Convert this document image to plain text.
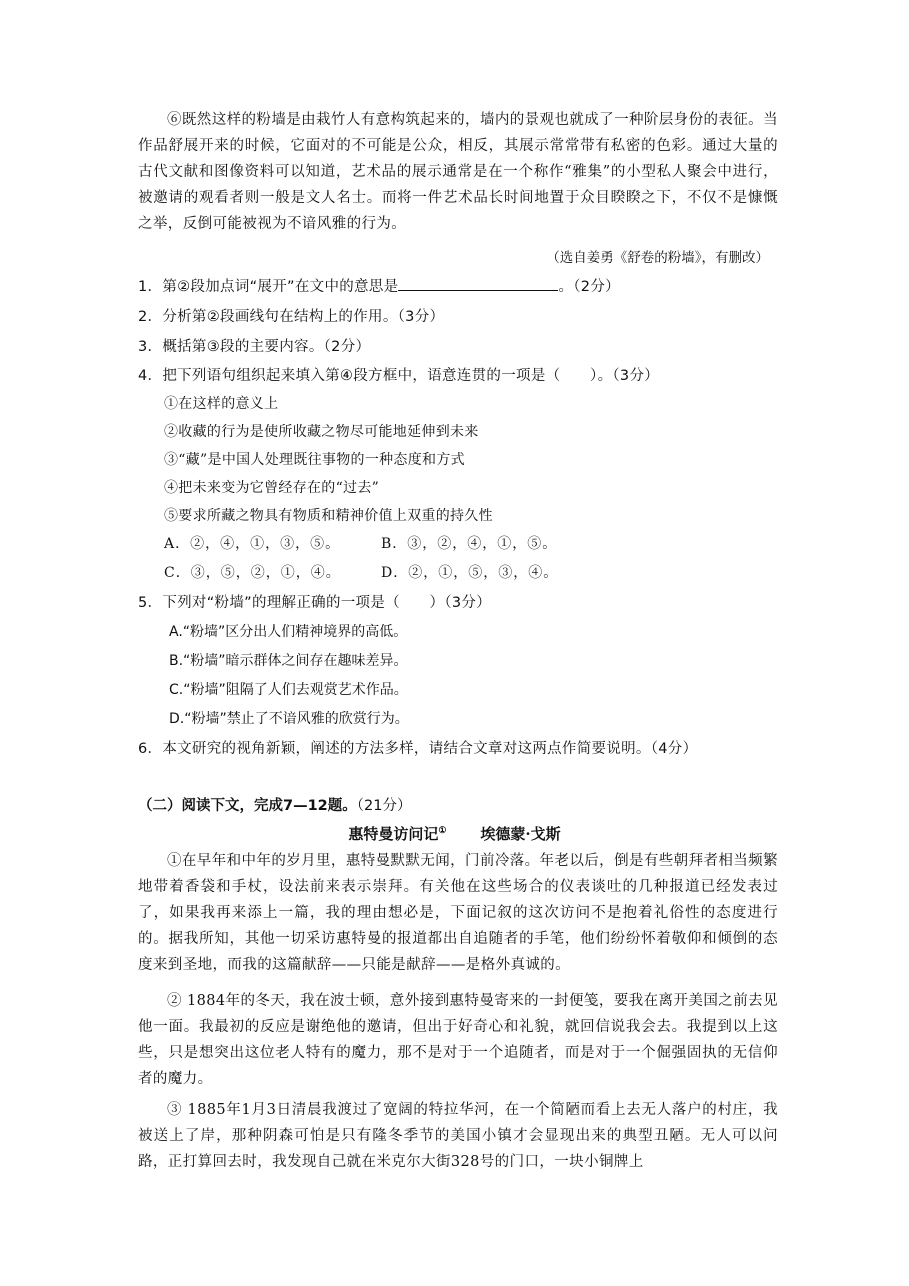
⑥既然这样的粉墙是由栽竹人有意构筑起来的，墙内的景观也就成了一种阶层身份的表征。当作品舒展开来的时候，它面对的不可能是公众，相反，其展示常常带有私密的色彩。通过大量的古代文献和图像资料可以知道，艺术品的展示通常是在一个称作“雅集”的小型私人聚会中进行，被邀请的观看者则一般是文人名士。而将一件艺术品长时间地置于众目睽睽之下，不仅不是慷慨之举，反倒可能被视为不谙风雅的行为。
（选自姜勇《舒卷的粉墙》，有删改）
1．第②段加点词“展开”在文中的意思是	。（2分）
2．分析第②段画线句在结构上的作用。（3分）
3．概括第③段的主要内容。（2分）
4．把下列语句组织起来填入第④段方框中，语意连贯的一项是（　　）。（3分）
①在这样的意义上
②收藏的行为是使所收藏之物尽可能地延伸到未来
③“藏”是中国人处理既往事物的一种态度和方式
④把未来变为它曾经存在的“过去”
⑤要求所藏之物具有物质和精神价值上双重的持久性
A．②，④，①，③，⑤。	B．③，②，④，①，⑤。
C．③，⑤，②，①，④。	D．②，①，⑤，③，④。
5．下列对“粉墙”的理解正确的一项是（　　）（3分）
A.“粉墙”区分出人们精神境界的高低。
B.“粉墙”暗示群体之间存在趣味差异。
C.“粉墙”阻隔了人们去观赏艺术作品。
D.“粉墙”禁止了不谙风雅的欣赏行为。
6．本文研究的视角新颖，阐述的方法多样，请结合文章对这两点作简要说明。（4分）
（二）阅读下文，完成7—12题。（21分）
惠特曼访问记① 埃德蒙·戈斯
①在早年和中年的岁月里，惠特曼默默无闻，门前冷落。年老以后，倒是有些朝拜者相当频繁地带着香袋和手杖，设法前来表示崇拜。有关他在这些场合的仪表谈吐的几种报道已经发表过了，如果我再来添上一篇，我的理由想必是，下面记叙的这次访问不是抱着礼俗性的态度进行的。据我所知，其他一切采访惠特曼的报道都出自追随者的手笔，他们纷纷怀着敬仰和倾倒的态度来到圣地，而我的这篇献辞——只能是献辞——是格外真诚的。
② 1884年的冬天，我在波士顿，意外接到惠特曼寄来的一封便笺，要我在离开美国之前去见他一面。我最初的反应是谢绝他的邀请，但出于好奇心和礼貌，就回信说我会去。我提到以上这些，只是想突出这位老人特有的魔力，那不是对于一个追随者，而是对于一个倔强固执的无信仰者的魔力。
③ 1885年1月3日清晨我渡过了宽阔的特拉华河，在一个简陋而看上去无人落户的村庄，我被送上了岸，那种阴森可怕是只有隆冬季节的美国小镇才会显现出来的典型丑陋。无人可以问路，正打算回去时，我发现自己就在米克尔大街328号的门口，一块小铜牌上
